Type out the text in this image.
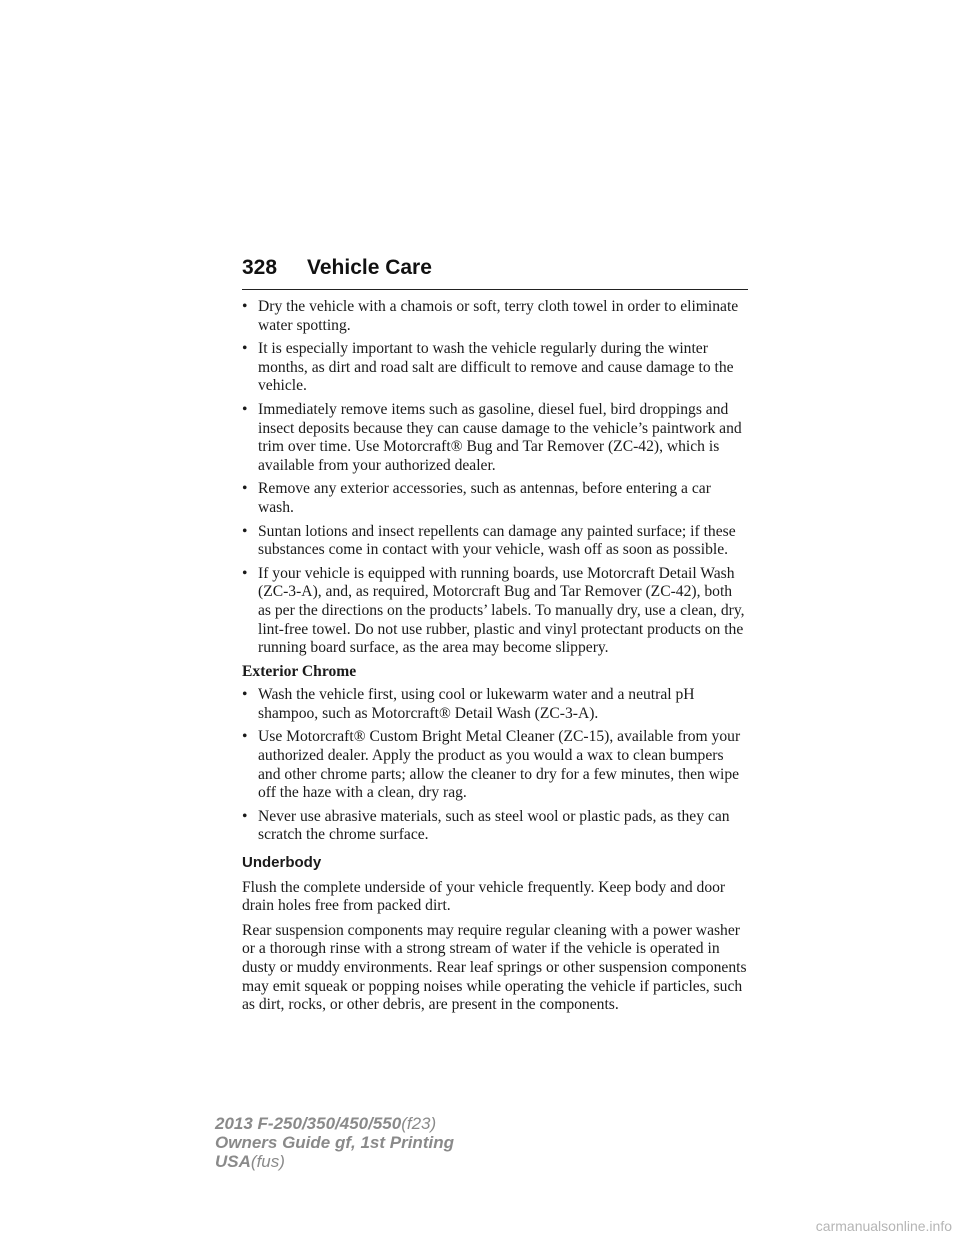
328 Vehicle Care
• Dry the vehicle with a chamois or soft, terry cloth towel in order to eliminate water spotting.
• It is especially important to wash the vehicle regularly during the winter months, as dirt and road salt are difficult to remove and cause damage to the vehicle.
• Immediately remove items such as gasoline, diesel fuel, bird droppings and insect deposits because they can cause damage to the vehicle’s paintwork and trim over time. Use Motorcraft® Bug and Tar Remover (ZC-42), which is available from your authorized dealer.
• Remove any exterior accessories, such as antennas, before entering a car wash.
• Suntan lotions and insect repellents can damage any painted surface; if these substances come in contact with your vehicle, wash off as soon as possible.
• If your vehicle is equipped with running boards, use Motorcraft Detail Wash (ZC-3-A), and, as required, Motorcraft Bug and Tar Remover (ZC-42), both as per the directions on the products’ labels. To manually dry, use a clean, dry, lint-free towel. Do not use rubber, plastic and vinyl protectant products on the running board surface, as the area may become slippery.
Exterior Chrome
• Wash the vehicle first, using cool or lukewarm water and a neutral pH shampoo, such as Motorcraft® Detail Wash (ZC-3-A).
• Use Motorcraft® Custom Bright Metal Cleaner (ZC-15), available from your authorized dealer. Apply the product as you would a wax to clean bumpers and other chrome parts; allow the cleaner to dry for a few minutes, then wipe off the haze with a clean, dry rag.
• Never use abrasive materials, such as steel wool or plastic pads, as they can scratch the chrome surface.
Underbody

Flush the complete underside of your vehicle frequently. Keep body and door drain holes free from packed dirt.

Rear suspension components may require regular cleaning with a power washer or a thorough rinse with a strong stream of water if the vehicle is operated in dusty or muddy environments. Rear leaf springs or other suspension components may emit squeak or popping noises while operating the vehicle if particles, such as dirt, rocks, or other debris, are present in the components.

2013 F-250/350/450/550(f23)
Owners Guide gf, 1st Printing
USA(fus)
carmanualsonline.info
